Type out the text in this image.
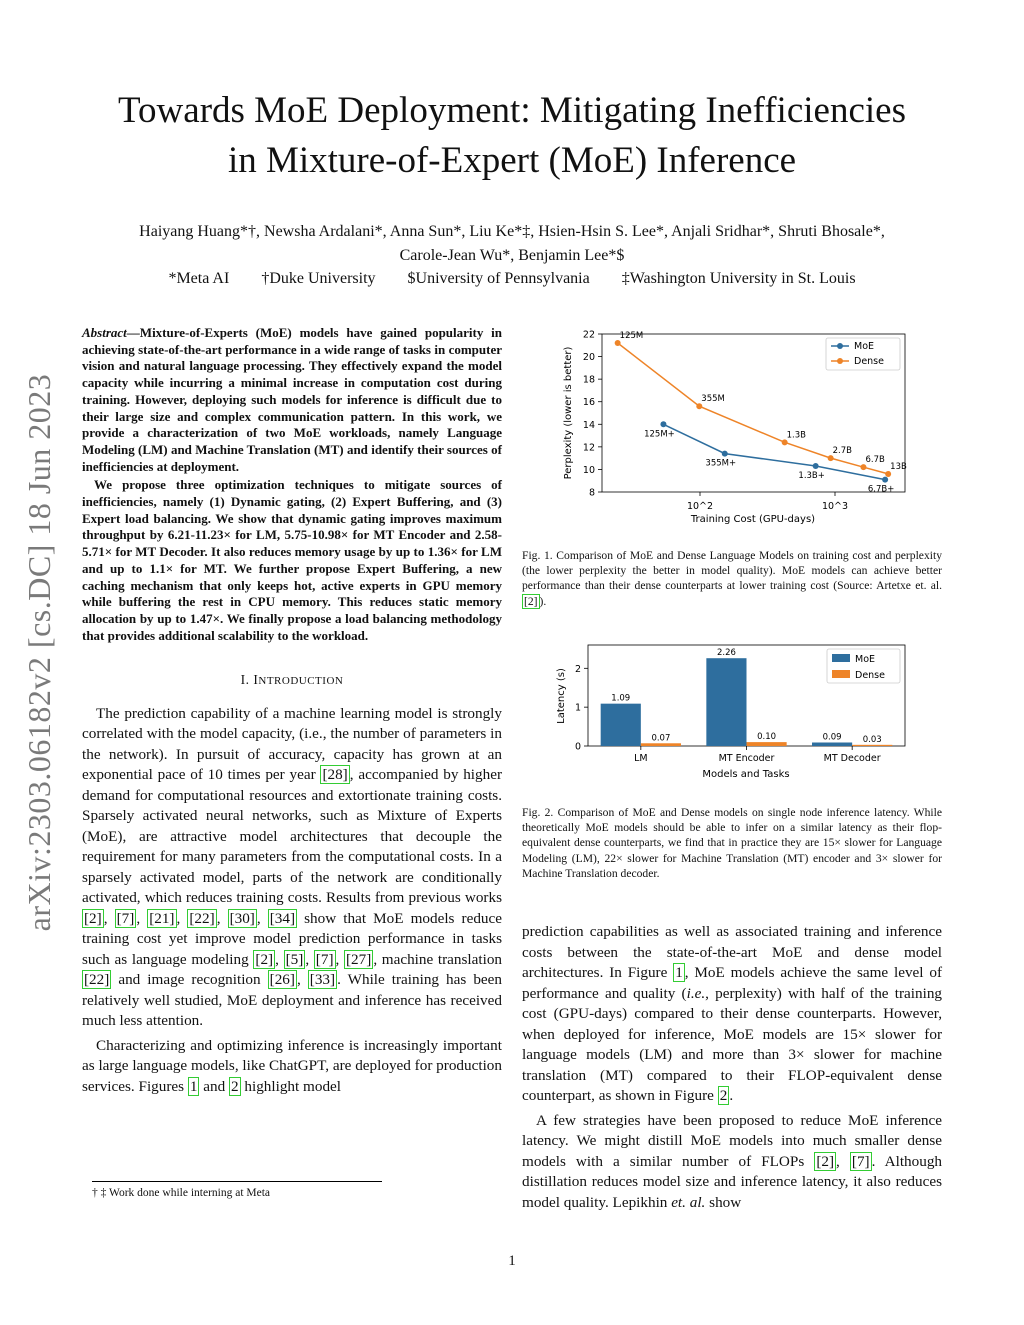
Towards MoE Deployment: Mitigating Inefficiencies
in Mixture-of-Expert (MoE) Inference
Haiyang Huang*†, Newsha Ardalani*, Anna Sun*, Liu Ke*‡, Hsien-Hsin S. Lee*, Anjali Sridhar*, Shruti Bhosale*,
Carole-Jean Wu*, Benjamin Lee*$
*Meta AI †Duke University $University of Pennsylvania ‡Washington University in St. Louis
arXiv:2303.06182v2 [cs.DC] 18 Jun 2023

Abstract—Mixture-of-Experts (MoE) models have gained popularity in achieving state-of-the-art performance in a wide range of tasks in computer vision and natural language processing. They effectively expand the model capacity while incurring a minimal increase in computation cost during training. However, deploying such models for inference is difficult due to their large size and complex communication pattern. In this work, we provide a characterization of two MoE workloads, namely Language Modeling (LM) and Machine Translation (MT) and identify their sources of inefficiencies at deployment.

We propose three optimization techniques to mitigate sources of inefficiencies, namely (1) Dynamic gating, (2) Expert Buffering, and (3) Expert load balancing. We show that dynamic gating improves maximum throughput by 6.21-11.23× for LM, 5.75-10.98× for MT Encoder and 2.58-5.71× for MT Decoder. It also reduces memory usage by up to 1.36× for LM and up to 1.1× for MT. We further propose Expert Buffering, a new caching mechanism that only keeps hot, active experts in GPU memory while buffering the rest in CPU memory. This reduces static memory allocation by up to 1.47×. We finally propose a load balancing methodology that provides additional scalability to the workload.

I. INTRODUCTION

The prediction capability of a machine learning model is strongly correlated with the model capacity, (i.e., the number of parameters in the network). In pursuit of accuracy, capacity has grown at an exponential pace of 10 times per year [28] , accompanied by higher demand for computational resources and extortionate training costs. Sparsely activated neural networks, such as Mixture of Experts (MoE), are attractive model architectures that decouple the requirement for many parameters from the computational costs. In a sparsely activated model, parts of the network are conditionally activated, which reduces training costs. Results from previous works [2] , [7] , [21] , [22] , [30] , [34] show that MoE models reduce training cost yet improve model prediction performance in tasks such as language modeling [2] , [5] , [7] , [27] , machine translation [22] and image recognition [26] , [33] . While training has been relatively well studied, MoE deployment and inference has received much less attention.

Characterizing and optimizing inference is increasingly important as large language models, like ChatGPT, are deployed for production services. Figures 1 and 2 highlight model

† ‡ Work done while interning at Meta
8
10
12
14
16
18
20
22
10^2	10^3
Training Cost (GPU-days)
Perplexity (lower is better)	125M+
355M+
1.3B+
6.7B+
125M
355M
1.3B
2.7B
6.7B
13B
MoE
Dense
Fig. 1. Comparison of MoE and Dense Language Models on training cost and perplexity (the lower perplexity the better in model quality). MoE models can achieve better performance than their dense counterparts at lower training cost (Source: Artetxe et. al. [2] ).
0
1
2
1.09
0.07
2.26
0.10	0.09 0.03
LM	MT Encoder	MT Decoder
Models and Tasks
Latency (s)
MoE
Dense
Fig. 2. Comparison of MoE and Dense models on single node inference latency. While theoretically MoE models should be able to infer on a similar latency as their flop-equivalent dense counterparts, we find that in practice they are 15× slower for Language Modeling (LM), 22× slower for Machine Translation (MT) encoder and 3× slower for Machine Translation decoder.

prediction capabilities as well as associated training and inference costs between the state-of-the-art MoE and dense model architectures. In Figure 1 , MoE models achieve the same level of performance and quality (i.e., perplexity) with half of the training cost (GPU-days) compared to their dense counterparts. However, when deployed for inference, MoE models are 15× slower for language models (LM) and more than 3× slower for machine translation (MT) compared to their FLOP-equivalent dense counterpart, as shown in Figure 2 .

A few strategies have been proposed to reduce MoE inference latency. We might distill MoE models into much smaller dense models with a similar number of FLOPs [2] , [7] . Although distillation reduces model size and inference latency, it also reduces model quality. Lepikhin et. al. show

1
